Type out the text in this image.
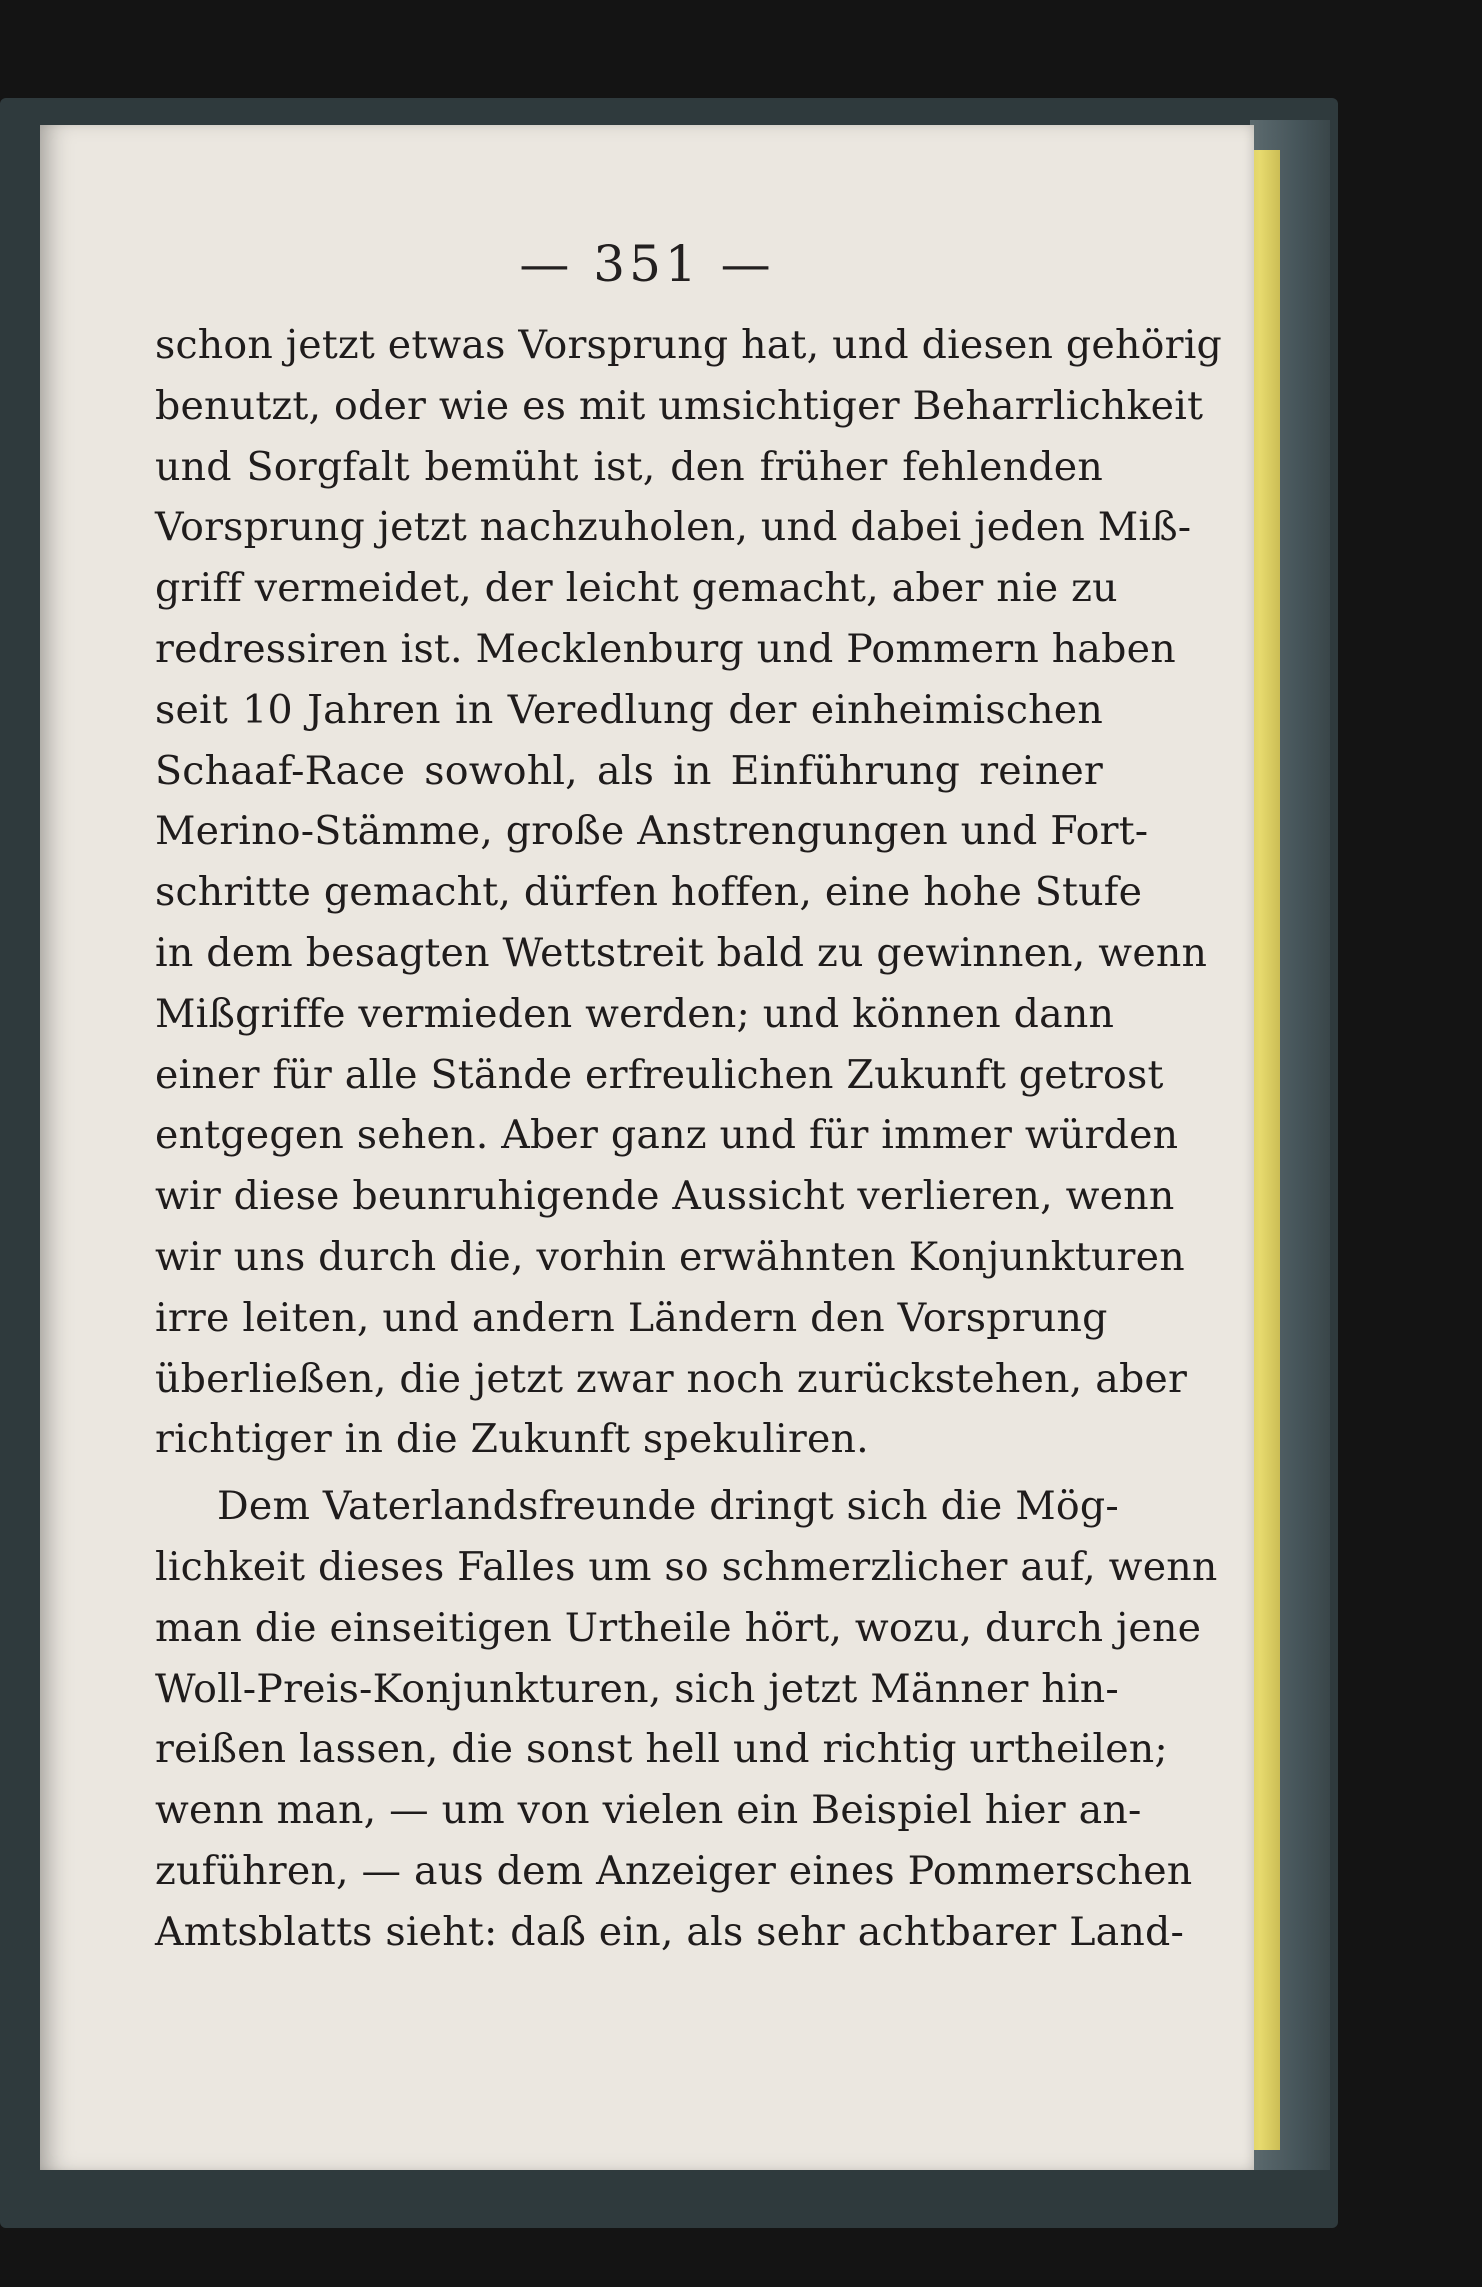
— 351 —
schon jetzt etwas Vorsprung hat, und diesen gehörig
benutzt, oder wie es mit umsichtiger Beharrlichkeit
und Sorgfalt bemüht ist, den früher fehlenden
Vorsprung jetzt nachzuholen, und dabei jeden Miß-
griff vermeidet, der leicht gemacht, aber nie zu
redressiren ist. Mecklenburg und Pommern haben
seit 10 Jahren in Veredlung der einheimischen
Schaaf-Race sowohl, als in Einführung reiner
Merino-Stämme, große Anstrengungen und Fort-
schritte gemacht, dürfen hoffen, eine hohe Stufe
in dem besagten Wettstreit bald zu gewinnen, wenn
Mißgriffe vermieden werden; und können dann
einer für alle Stände erfreulichen Zukunft getrost
entgegen sehen. Aber ganz und für immer würden
wir diese beunruhigende Aussicht verlieren, wenn
wir uns durch die, vorhin erwähnten Konjunkturen
irre leiten, und andern Ländern den Vorsprung
überließen, die jetzt zwar noch zurückstehen, aber
richtiger in die Zukunft spekuliren.
Dem Vaterlandsfreunde dringt sich die Mög-
lichkeit dieses Falles um so schmerzlicher auf, wenn
man die einseitigen Urtheile hört, wozu, durch jene
Woll-Preis-Konjunkturen, sich jetzt Männer hin-
reißen lassen, die sonst hell und richtig urtheilen;
wenn man, — um von vielen ein Beispiel hier an-
zuführen, — aus dem Anzeiger eines Pommerschen
Amtsblatts sieht: daß ein, als sehr achtbarer Land-
